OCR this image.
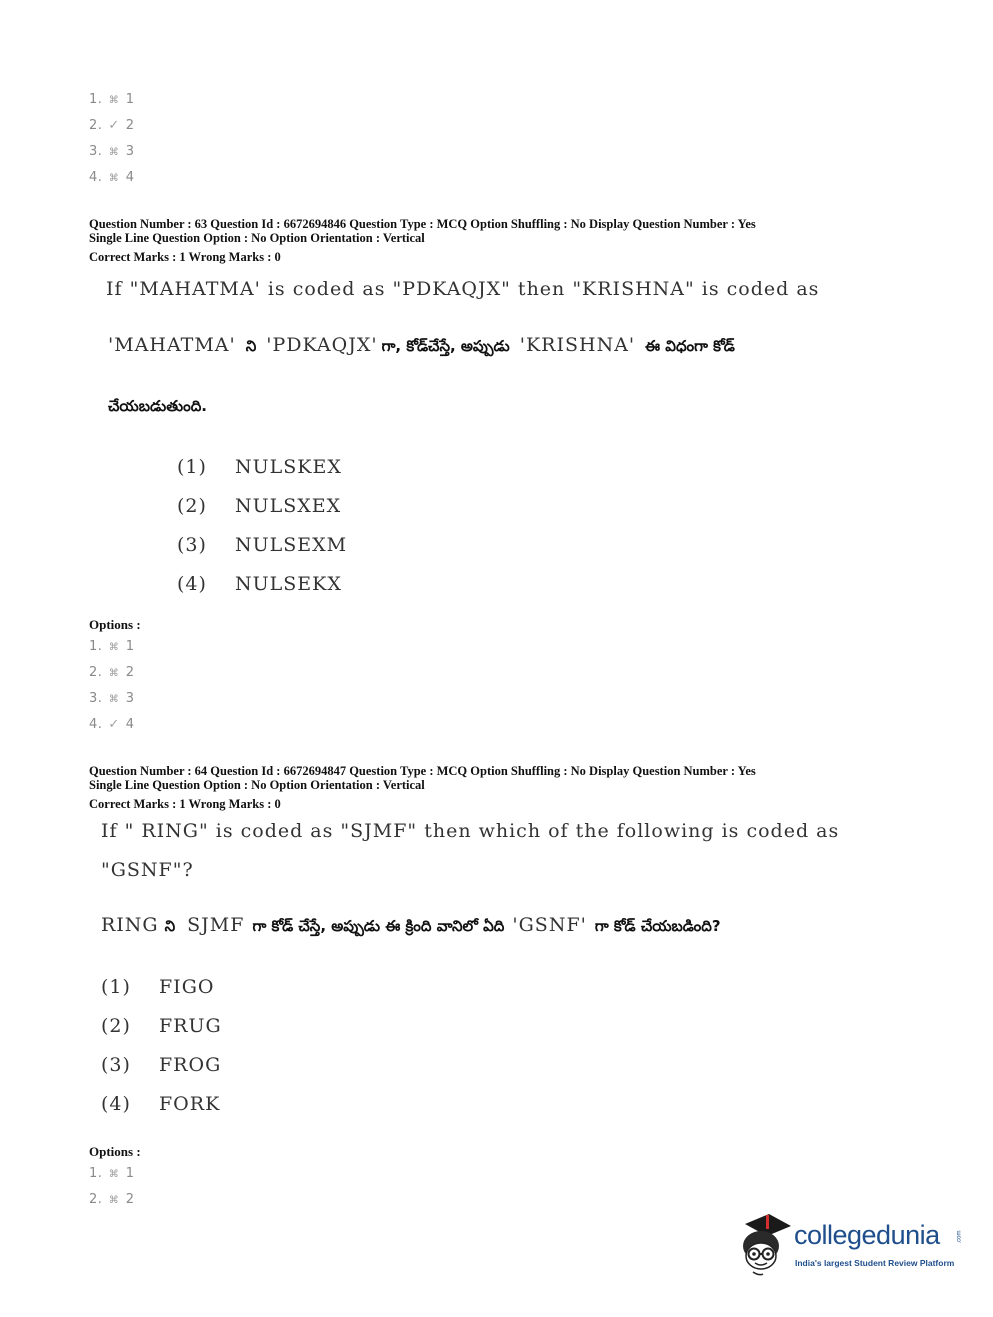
1. ⌘ 1
2. ✓ 2
3. ⌘ 3
4. ⌘ 4
Question Number : 63 Question Id : 6672694846 Question Type : MCQ Option Shuffling : No Display Question Number : Yes
Single Line Question Option : No Option Orientation : Vertical
Correct Marks : 1 Wrong Marks : 0
If "MAHATMA' is coded as "PDKAQJX" then "KRISHNA" is coded as
'MAHATMA' ని 'PDKAQJX' గా, కోడ్‌చేస్తే, అప్పుడు 'KRISHNA' ఈ విధంగా కోడ్
చేయబడుతుంది.
(1) NULSKEX
(2) NULSXEX
(3) NULSEXM
(4) NULSEKX
Options :
1. ⌘ 1
2. ⌘ 2
3. ⌘ 3
4. ✓ 4
Question Number : 64 Question Id : 6672694847 Question Type : MCQ Option Shuffling : No Display Question Number : Yes
Single Line Question Option : No Option Orientation : Vertical
Correct Marks : 1 Wrong Marks : 0
If " RING" is coded as "SJMF" then which of the following is coded as
"GSNF"?
RING ని SJMF గా కోడ్ చేస్తే, అప్పుడు ఈ క్రింది వానిలో ఏది 'GSNF' గా కోడ్ చేయబడింది?
(1) FIGO
(2) FRUG
(3) FROG
(4) FORK
Options :
1. ⌘ 1
2. ⌘ 2
collegedunia	.com
India's largest Student Review Platform
